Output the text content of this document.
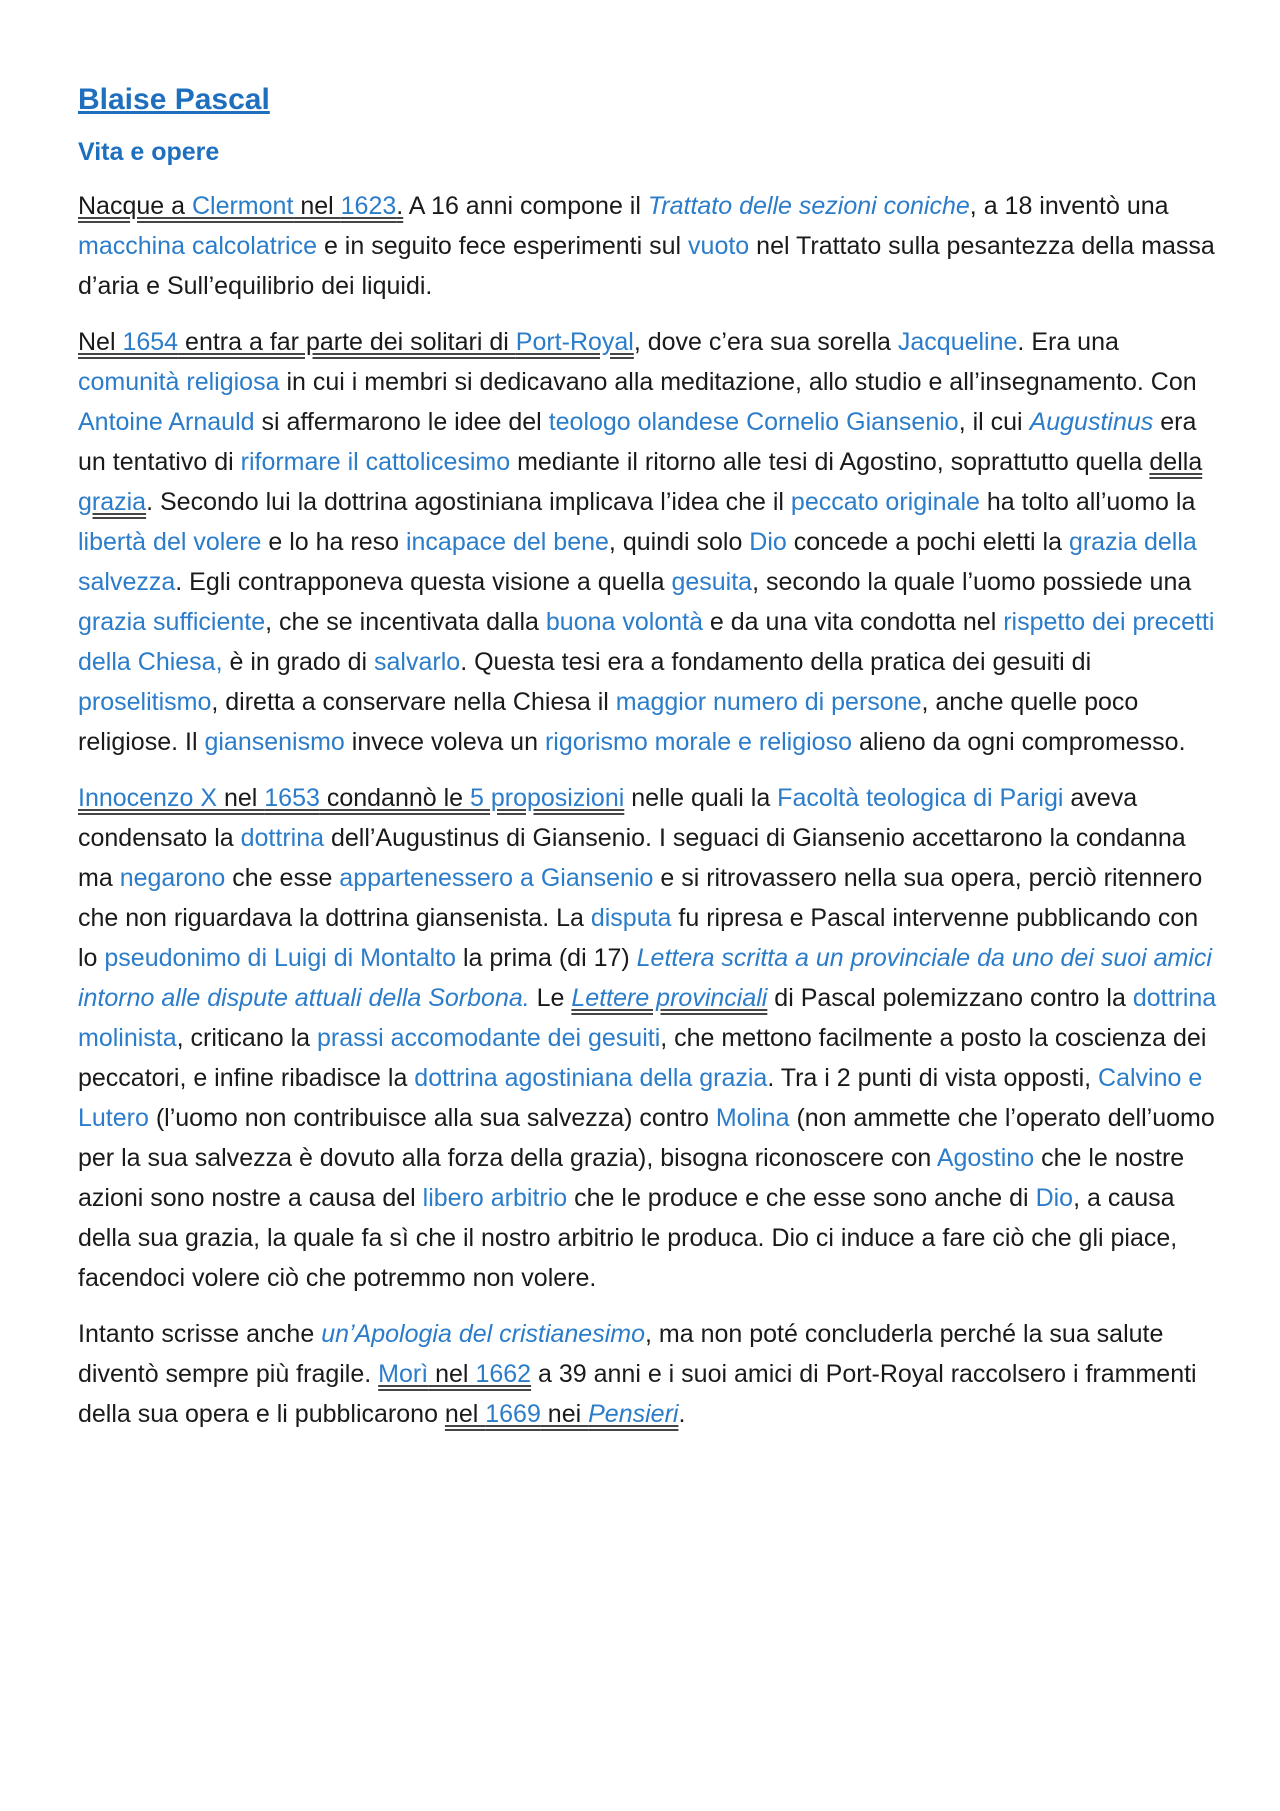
Blaise Pascal
Vita e opere

Nacque a Clermont nel 1623. A 16 anni compone il Trattato delle sezioni coniche, a 18 inventò una macchina calcolatrice e in seguito fece esperimenti sul vuoto nel Trattato sulla pesantezza della massa d’aria e Sull’equilibrio dei liquidi.

Nel 1654 entra a far parte dei solitari di Port-Royal, dove c’era sua sorella Jacqueline. Era una comunità religiosa in cui i membri si dedicavano alla meditazione, allo studio e all’insegnamento. Con Antoine Arnauld si affermarono le idee del teologo olandese Cornelio Giansenio, il cui Augustinus era un tentativo di riformare il cattolicesimo mediante il ritorno alle tesi di Agostino, soprattutto quella della grazia. Secondo lui la dottrina agostiniana implicava l’idea che il peccato originale ha tolto all’uomo la libertà del volere e lo ha reso incapace del bene, quindi solo Dio concede a pochi eletti la grazia della salvezza. Egli contrapponeva questa visione a quella gesuita, secondo la quale l’uomo possiede una grazia sufficiente, che se incentivata dalla buona volontà e da una vita condotta nel rispetto dei precetti della Chiesa, è in grado di salvarlo. Questa tesi era a fondamento della pratica dei gesuiti di proselitismo, diretta a conservare nella Chiesa il maggior numero di persone, anche quelle poco religiose. Il giansenismo invece voleva un rigorismo morale e religioso alieno da ogni compromesso.

Innocenzo X nel 1653 condannò le 5 proposizioni nelle quali la Facoltà teologica di Parigi aveva condensato la dottrina dell’Augustinus di Giansenio. I seguaci di Giansenio accettarono la condanna ma negarono che esse appartenessero a Giansenio e si ritrovassero nella sua opera, perciò ritennero che non riguardava la dottrina giansenista. La disputa fu ripresa e Pascal intervenne pubblicando con lo pseudonimo di Luigi di Montalto la prima (di 17) Lettera scritta a un provinciale da uno dei suoi amici intorno alle dispute attuali della Sorbona. Le Lettere provinciali di Pascal polemizzano contro la dottrina molinista, criticano la prassi accomodante dei gesuiti, che mettono facilmente a posto la coscienza dei peccatori, e infine ribadisce la dottrina agostiniana della grazia. Tra i 2 punti di vista opposti, Calvino e Lutero (l’uomo non contribuisce alla sua salvezza) contro Molina (non ammette che l’operato dell’uomo per la sua salvezza è dovuto alla forza della grazia), bisogna riconoscere con Agostino che le nostre azioni sono nostre a causa del libero arbitrio che le produce e che esse sono anche di Dio, a causa della sua grazia, la quale fa sì che il nostro arbitrio le produca. Dio ci induce a fare ciò che gli piace, facendoci volere ciò che potremmo non volere.

Intanto scrisse anche un’Apologia del cristianesimo, ma non poté concluderla perché la sua salute diventò sempre più fragile. Morì nel 1662 a 39 anni e i suoi amici di Port-Royal raccolsero i frammenti della sua opera e li pubblicarono nel 1669 nei Pensieri.
